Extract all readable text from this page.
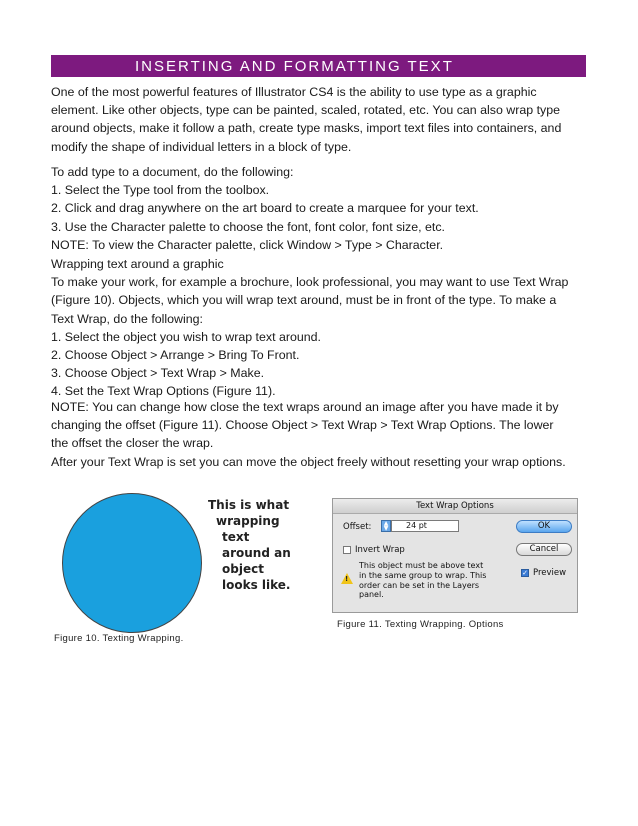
INSERTING AND FORMATTING TEXT

One of the most powerful features of Illustrator CS4 is the ability to use type as a graphic

element. Like other objects, type can be painted, scaled, rotated, etc. You can also wrap type

around objects, make it follow a path, create type masks, import text files into containers, and

modify the shape of individual letters in a block of type.

To add type to a document, do the following:

1. Select the Type tool from the toolbox.

2. Click and drag anywhere on the art board to create a marquee for your text.

3. Use the Character palette to choose the font, font color, font size, etc.

NOTE: To view the Character palette, click Window > Type > Character.

Wrapping text around a graphic

To make your work, for example a brochure, look professional, you may want to use Text Wrap

(Figure 10). Objects, which you will wrap text around, must be in front of the type. To make a

Text Wrap, do the following:

1. Select the object you wish to wrap text around.

2. Choose Object > Arrange > Bring To Front.

3. Choose Object > Text Wrap > Make.

4. Set the Text Wrap Options (Figure 11).

NOTE: You can change how close the text wraps around an image after you have made it by

changing the offset (Figure 11). Choose Object > Text Wrap > Text Wrap Options. The lower

the offset the closer the wrap.

After your Text Wrap is set you can move the object freely without resetting your wrap options.

This is what
wrapping
text
around an
object
looks like.
Figure 10. Texting Wrapping.
Text Wrap Options
Offset:	▲
▼	24 pt
Invert Wrap
!
This object must be above text in the same group to wrap. This order can be set in the Layers panel.
OK
Cancel
✓ Preview
Figure 11. Texting Wrapping. Options
